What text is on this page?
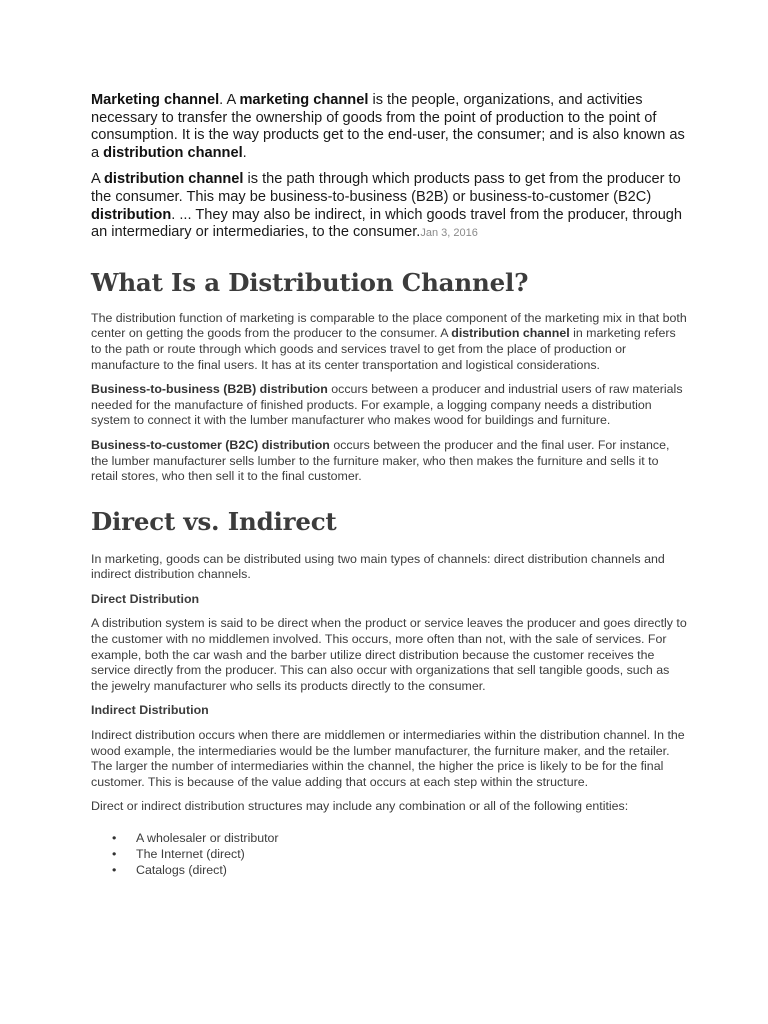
Marketing channel. A marketing channel is the people, organizations, and activities necessary to transfer the ownership of goods from the point of production to the point of consumption. It is the way products get to the end-user, the consumer; and is also known as a distribution channel.

A distribution channel is the path through which products pass to get from the producer to the consumer. This may be business-to-business (B2B) or business-to-customer (B2C) distribution. ... They may also be indirect, in which goods travel from the producer, through an intermediary or intermediaries, to the consumer.Jan 3, 2016

What Is a Distribution Channel?

The distribution function of marketing is comparable to the place component of the marketing mix in that both center on getting the goods from the producer to the consumer. A distribution channel in marketing refers to the path or route through which goods and services travel to get from the place of production or manufacture to the final users. It has at its center transportation and logistical considerations.

Business-to-business (B2B) distribution occurs between a producer and industrial users of raw materials needed for the manufacture of finished products. For example, a logging company needs a distribution system to connect it with the lumber manufacturer who makes wood for buildings and furniture.

Business-to-customer (B2C) distribution occurs between the producer and the final user. For instance, the lumber manufacturer sells lumber to the furniture maker, who then makes the furniture and sells it to retail stores, who then sell it to the final customer.

Direct vs. Indirect

In marketing, goods can be distributed using two main types of channels: direct distribution channels and indirect distribution channels.

Direct Distribution

A distribution system is said to be direct when the product or service leaves the producer and goes directly to the customer with no middlemen involved. This occurs, more often than not, with the sale of services. For example, both the car wash and the barber utilize direct distribution because the customer receives the service directly from the producer. This can also occur with organizations that sell tangible goods, such as the jewelry manufacturer who sells its products directly to the consumer.

Indirect Distribution

Indirect distribution occurs when there are middlemen or intermediaries within the distribution channel. In the wood example, the intermediaries would be the lumber manufacturer, the furniture maker, and the retailer. The larger the number of intermediaries within the channel, the higher the price is likely to be for the final customer. This is because of the value adding that occurs at each step within the structure.

Direct or indirect distribution structures may include any combination or all of the following entities:

• A wholesaler or distributor
• The Internet (direct)
• Catalogs (direct)
